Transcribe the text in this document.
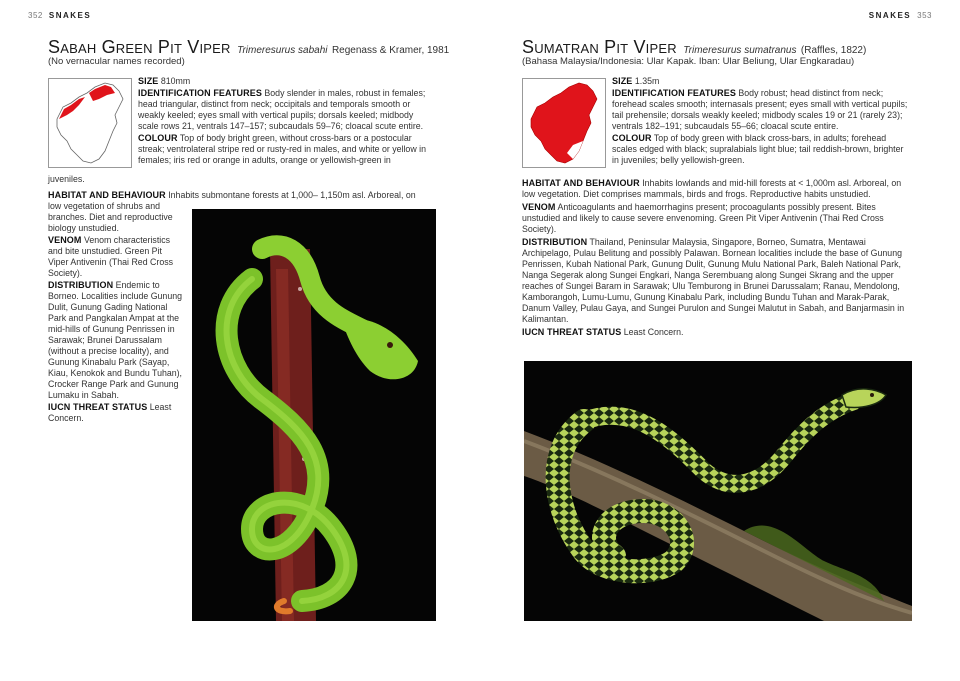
352 SNAKES
Sabah Green Pit Viper Trimeresurus sabahi Regenass & Kramer, 1981
(No vernacular names recorded)

SIZE 810mm

IDENTIFICATION FEATURES Body slender in males, robust in females; head triangular, distinct from neck; occipitals and temporals smooth or weakly keeled; eyes small with vertical pupils; dorsals keeled; midbody scale rows 21, ventrals 147–157; subcaudals 59–76; cloacal scute entire.

COLOUR Top of body bright green, without cross-bars or a postocular streak; ventrolateral stripe red or rusty-red in males, and white or yellow in females; iris red or orange in adults, orange or yellowish-green in

juveniles.
HABITAT AND BEHAVIOUR Inhabits submontane forests at 1,000– 1,150m asl. Arboreal, on

low vegetation of shrubs and branches. Diet and reproductive biology unstudied.

VENOM Venom characteristics and bite unstudied. Green Pit Viper Antivenin (Thai Red Cross Society).

DISTRIBUTION Endemic to Borneo. Localities include Gunung Dulit, Gunung Gading National Park and Pangkalan Ampat at the mid-hills of Gunung Penrissen in Sarawak; Brunei Darussalam (without a precise locality), and Gunung Kinabalu Park (Sayap, Kiau, Kenokok and Bundu Tuhan), Crocker Range Park and Gunung Lumaku in Sabah.

IUCN THREAT STATUS Least Concern.

SNAKES 353
Sumatran Pit Viper Trimeresurus sumatranus (Raffles, 1822)
(Bahasa Malaysia/Indonesia: Ular Kapak. Iban: Ular Beliung, Ular Engkaradau)

SIZE 1.35m

IDENTIFICATION FEATURES Body robust; head distinct from neck; forehead scales smooth; internasals present; eyes small with vertical pupils; tail prehensile; dorsals weakly keeled; midbody scales 19 or 21 (rarely 23); ventrals 182–191; subcaudals 55–66; cloacal scute entire.

COLOUR Top of body green with black cross-bars, in adults; forehead scales edged with black; supralabials light blue; tail reddish-brown, brighter in juveniles; belly yellowish-green.

HABITAT AND BEHAVIOUR Inhabits lowlands and mid-hill forests at < 1,000m asl. Arboreal, on low vegetation. Diet comprises mammals, birds and frogs. Reproductive habits unstudied.

VENOM Anticoagulants and haemorrhagins present; procoagulants possibly present. Bites unstudied and likely to cause severe envenoming. Green Pit Viper Antivenin (Thai Red Cross Society).

DISTRIBUTION Thailand, Peninsular Malaysia, Singapore, Borneo, Sumatra, Mentawai Archipelago, Pulau Belitung and possibly Palawan. Bornean localities include the base of Gunung Penrissen, Kubah National Park, Gunung Dulit, Gunung Mulu National Park, Baleh National Park, Nanga Segerak along Sungei Engkari, Nanga Serembuang along Sungei Skrang and the upper reaches of Sungei Baram in Sarawak; Ulu Temburong in Brunei Darussalam; Ranau, Mendolong, Kamborangoh, Lumu-Lumu, Gunung Kinabalu Park, including Bundu Tuhan and Marak-Parak, Danum Valley, Pulau Gaya, and Sungei Purulon and Sungei Malutut in Sabah, and Banjarmasin in Kalimantan.

IUCN THREAT STATUS Least Concern.
